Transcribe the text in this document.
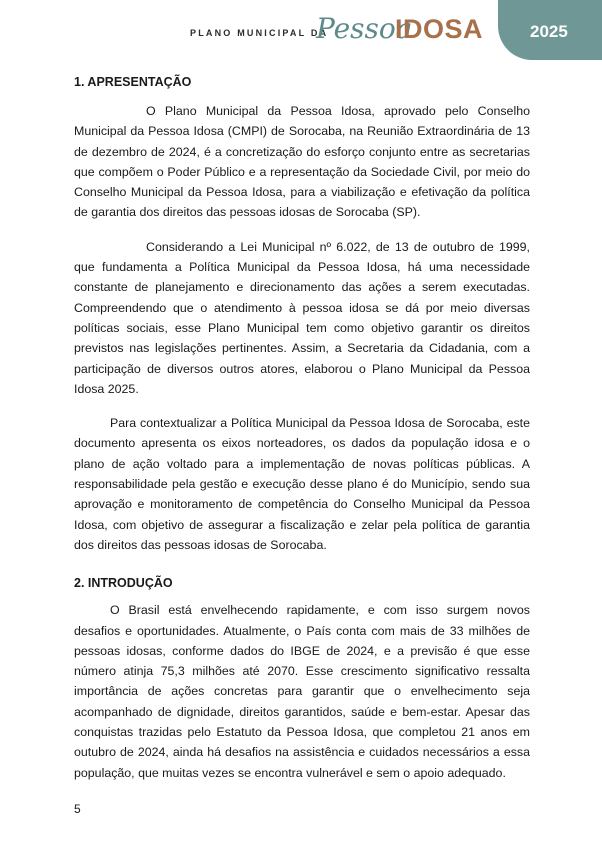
PLANO MUNICIPAL DA
Pessoa
IDOSA	2025
1. APRESENTAÇÃO

O Plano Municipal da Pessoa Idosa, aprovado pelo Conselho Municipal da Pessoa Idosa (CMPI) de Sorocaba, na Reunião Extraordinária de 13 de dezembro de 2024, é a concretização do esforço conjunto entre as secretarias que compõem o Poder Público e a representação da Sociedade Civil, por meio do Conselho Municipal da Pessoa Idosa, para a viabilização e efetivação da política de garantia dos direitos das pessoas idosas de Sorocaba (SP).

Considerando a Lei Municipal nº 6.022, de 13 de outubro de 1999, que fundamenta a Política Municipal da Pessoa Idosa, há uma necessidade constante de planejamento e direcionamento das ações a serem executadas. Compreendendo que o atendimento à pessoa idosa se dá por meio diversas políticas sociais, esse Plano Municipal tem como objetivo garantir os direitos previstos nas legislações pertinentes. Assim, a Secretaria da Cidadania, com a participação de diversos outros atores, elaborou o Plano Municipal da Pessoa Idosa 2025.

Para contextualizar a Política Municipal da Pessoa Idosa de Sorocaba, este documento apresenta os eixos norteadores, os dados da população idosa e o plano de ação voltado para a implementação de novas políticas públicas. A responsabilidade pela gestão e execução desse plano é do Município, sendo sua aprovação e monitoramento de competência do Conselho Municipal da Pessoa Idosa, com objetivo de assegurar a fiscalização e zelar pela política de garantia dos direitos das pessoas idosas de Sorocaba.

2. INTRODUÇÃO

O Brasil está envelhecendo rapidamente, e com isso surgem novos desafios e oportunidades. Atualmente, o País conta com mais de 33 milhões de pessoas idosas, conforme dados do IBGE de 2024, e a previsão é que esse número atinja 75,3 milhões até 2070. Esse crescimento significativo ressalta importância de ações concretas para garantir que o envelhecimento seja acompanhado de dignidade, direitos garantidos, saúde e bem-estar. Apesar das conquistas trazidas pelo Estatuto da Pessoa Idosa, que completou 21 anos em outubro de 2024, ainda há desafios na assistência e cuidados necessários a essa população, que muitas vezes se encontra vulnerável e sem o apoio adequado.

5
